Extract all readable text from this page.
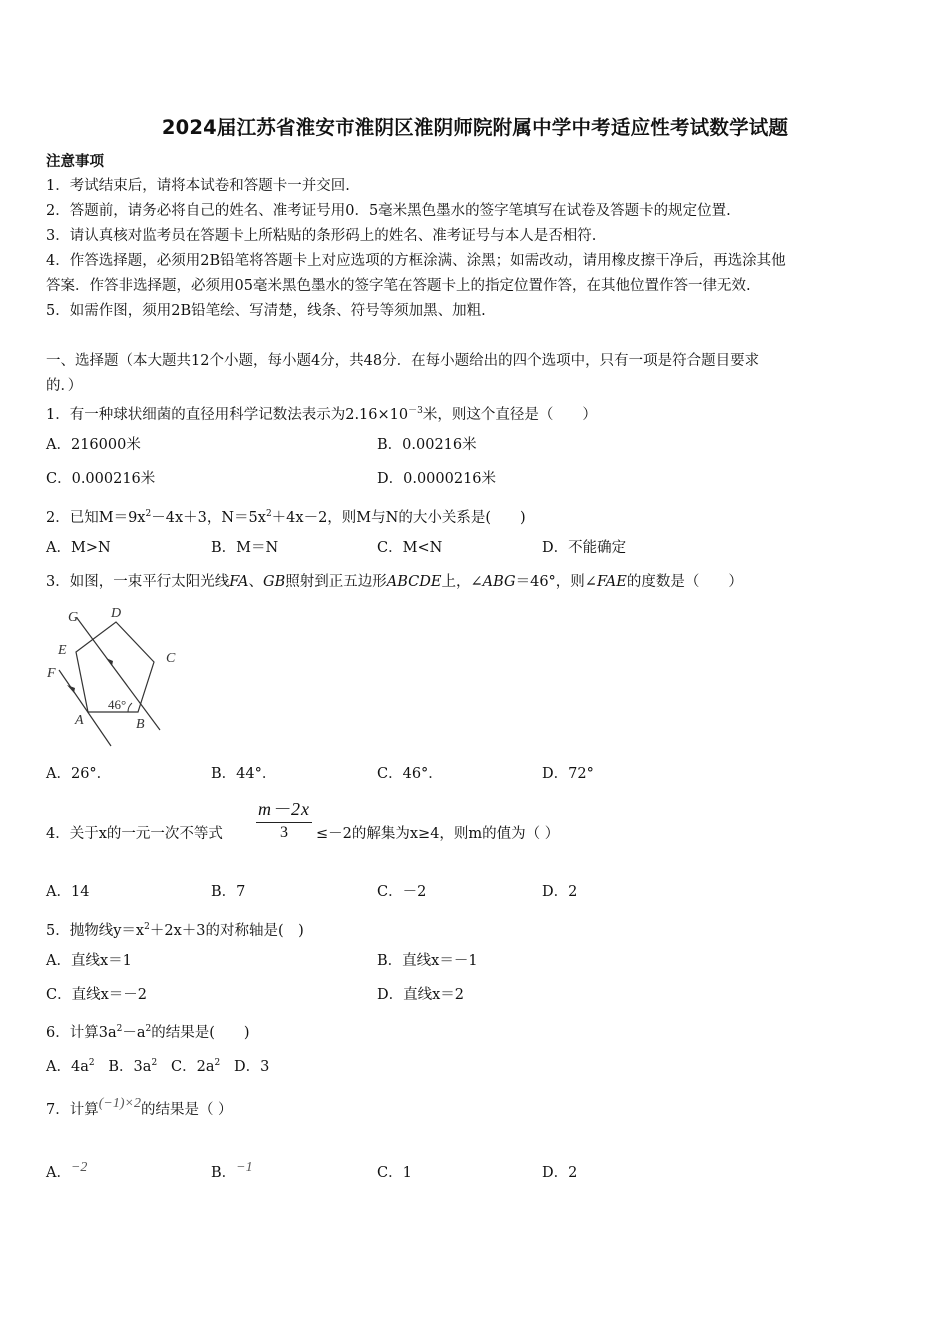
2024届江苏省淮安市淮阴区淮阴师院附属中学中考适应性考试数学试题
注意事项
1．考试结束后，请将本试卷和答题卡一并交回.
2．答题前，请务必将自己的姓名、准考证号用0．5毫米黑色墨水的签字笔填写在试卷及答题卡的规定位置.
3．请认真核对监考员在答题卡上所粘贴的条形码上的姓名、准考证号与本人是否相符.
4．作答选择题，必须用2B铅笔将答题卡上对应选项的方框涂满、涂黑；如需改动，请用橡皮擦干净后，再选涂其他
答案．作答非选择题，必须用05毫米黑色墨水的签字笔在答题卡上的指定位置作答，在其他位置作答一律无效.
5．如需作图，须用2B铅笔绘、写清楚，线条、符号等须加黑、加粗.
一、选择题（本大题共12个小题，每小题4分，共48分．在每小题给出的四个选项中，只有一项是符合题目要求
的．）
1．有一种球状细菌的直径用科学记数法表示为$2.16\times 10^{-3}$米，则这个直径是（　　）
A．216000米	B．0.00216米
C．0.000216米	D．0.0000216米
2．已知$M=9x^2-4x+3$，$N=5x^2+4x-2$，则M与N的大小关系是(　　)
A．M>N	B．M＝N	C．M<N	D．不能确定
3．如图，一束平行太阳光线FA、GB照射到正五边形ABCDE上，∠ABG＝46°，则∠FAE的度数是（　　）
G D
E
C
F
A	B
46°
A．26°．	B．44°．	C．46°．	D．72°
4．关于x的一元一次不等式
m－2x
3	≤－2的解集为x≥4，则m的值为（ ）
A．14	B．7	C．－2	D．2
5．抛物线$y=x^2+2x+3$的对称轴是(　)
A．直线x＝1	B．直线x＝－1
C．直线x＝－2	D．直线x＝2
6．计算$3a^2-a^2$的结果是(　　)
A．$4a^2$ B．$3a^2$ C．$2a^2$ D．3
7．计算(−1)×2的结果是（ ）
A．−2	B．−1	C．1	D．2
